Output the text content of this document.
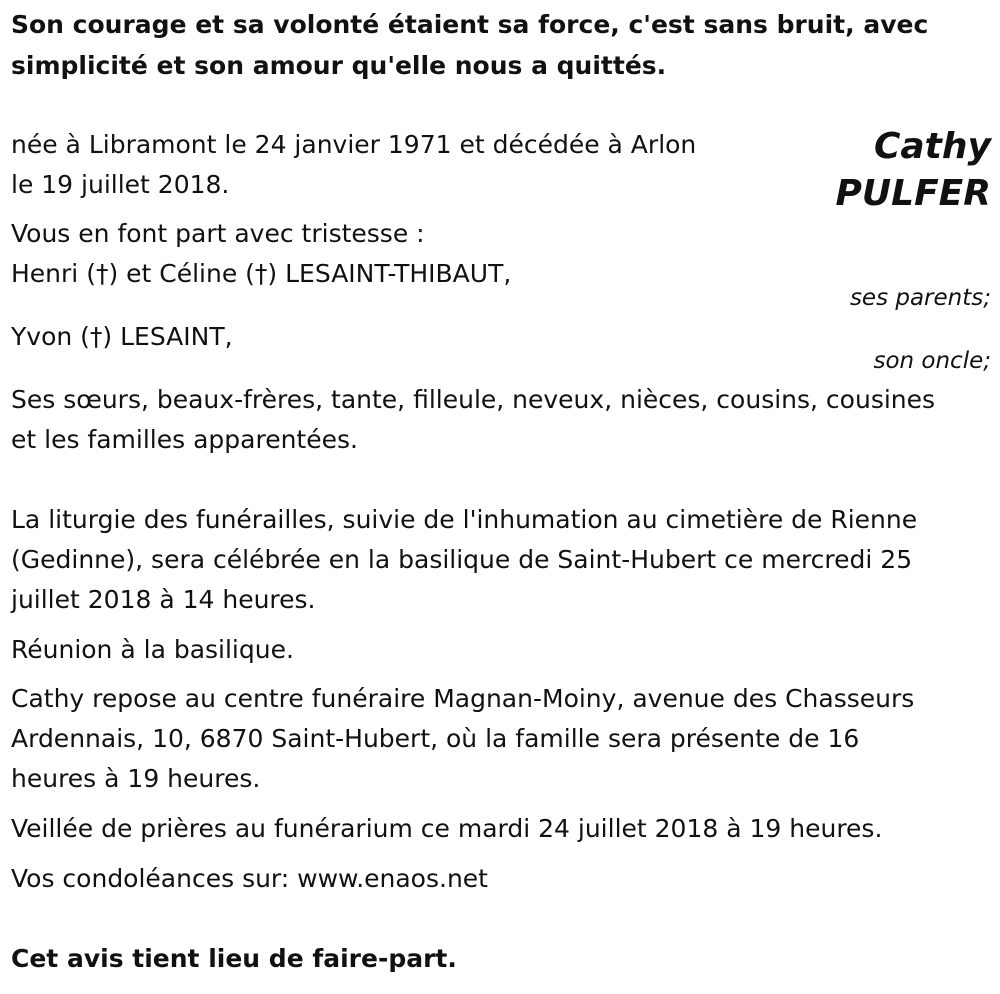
Son courage et sa volonté étaient sa force, c'est sans bruit, avec

simplicité et son amour qu'elle nous a quittés.

Cathy

PULFER

née à Libramont le 24 janvier 1971 et décédée à Arlon

le 19 juillet 2018.

Vous en font part avec tristesse :

Henri (†) et Céline (†) LESAINT-THIBAUT,

ses parents;

Yvon (†) LESAINT,

son oncle;

Ses sœurs, beaux-frères, tante, filleule, neveux, nièces, cousins, cousines

et les familles apparentées.

La liturgie des funérailles, suivie de l'inhumation au cimetière de Rienne

(Gedinne), sera célébrée en la basilique de Saint-Hubert ce mercredi 25

juillet 2018 à 14 heures.

Réunion à la basilique.

Cathy repose au centre funéraire Magnan-Moiny, avenue des Chasseurs

Ardennais, 10, 6870 Saint-Hubert, où la famille sera présente de 16

heures à 19 heures.

Veillée de prières au funérarium ce mardi 24 juillet 2018 à 19 heures.

Vos condoléances sur: www.enaos.net

Cet avis tient lieu de faire-part.
